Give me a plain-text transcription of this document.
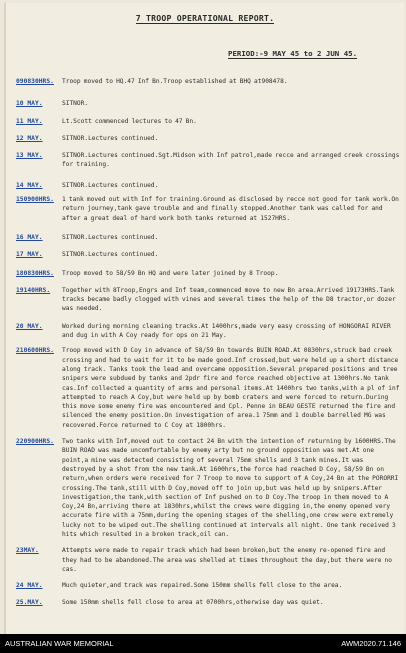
7 TROOP OPERATIONAL REPORT.
PERIOD:-9 MAY 45 to 2 JUN 45.
090830HRS.	Troop moved to HQ.47 Inf Bn.Troop established at BHQ at908478.
10 MAY.	SITNOR.
11 MAY.	Lt.Scott commenced lectures to 47 Bn.
12 MAY.	SITNOR.Lectures continued.
13 MAY.	SITNOR.Lectures continued.Sgt.Midson with Inf patrol,made recce and arranged creek crossings for training.
14 MAY.	SITNOR.Lectures continued.
150900HRS.	1 tank moved out with Inf for training.Ground as disclosed by recce not good for tank work.On return journey,tank gave trouble and and finally stopped.Another tank was called for and after a great deal of hard work both tanks returned at 1527HRS.
16 MAY.	SITNOR.Lectures continued.
17 MAY.	SITNOR.Lectures continued.
180830HRS.	Troop moved to 58/59 Bn HQ and were later joined by 8 Troop.
19140HRS.	Together with 8Troop,Engrs and Inf team,commenced move to new Bn area.Arrived 19173HRS.Tank tracks became badly clogged with vines and several times the help of the D8 tractor,or dozer was needed.
20 MAY.	Worked during morning cleaning tracks.At 1400hrs,made very easy crossing of HONGORAI RIVER and dug in with A Coy ready for ops on 21 May.
210600HRS.	Troop moved with D Coy in advance of 58/59 Bn towards BUIN ROAD.At 0830hrs,struck bad creek crossing and had to wait for it to be made good.Inf crossed,but were held up a short distance along track. Tanks took the lead and overcame opposition.Several prepared positions and tree snipers were subdued by tanks and 2pdr fire and force reached objective at 1300hrs.No tank cas.Inf collected a quantity of arms and personal items.At 1400hrs two tanks,with a pl of inf attempted to reach A Coy,but were held up by bomb craters and were forced to return.During this move some enemy fire was encountered and Cpl. Penne in BEAU GESTE returned the fire and silenced the enemy position.On investigation of area.1 75mm and 1 double barrelled MG was recovered.Force returned to C Coy at 1800hrs.
220900HRS.	Two tanks with Inf,moved out to contact 24 Bn with the intention of returning by 1600HRS.The BUIN ROAD was made uncomfortable by enemy arty but no ground opposition was met.At one point,a mine was detected consisting of several 75mm shells and 3 tank mines.It was destroyed by a shot from the new tank.At 1600hrs,the force had reached D Coy, 58/59 Bn on return,when orders were received for 7 Troop to move to support of A Coy,24 Bn at the PORORRI crossing.The tank,still with D Coy,moved off to join up,but was held up by snipers.After investigation,the tank,with section of Inf pushed on to D Coy.The troop in them moved to A Coy,24 Bn,arriving there at 1830hrs,whilst the crews were digging in,the enemy opened very accurate fire with a 75mm,during the opening stages of the shelling,one crew were extremely lucky not to be wiped out.The shelling continued at intervals all night. One tank received 3 hits which resulted in a broken track,oil can.
23MAY.	Attempts were made to repair track which had been broken,but the enemy re-opened fire and they had to be abandoned.The area was shelled at times throughout the day,but there were no cas.
24 MAY.	Much quieter,and track was repaired.Some 150mm shells fell close to the area.
25.MAY.	Some 150mm shells fell close to area at 0700hrs,otherwise day was quiet.
AUSTRALIAN WAR MEMORIAL	AWM2020.71.146
